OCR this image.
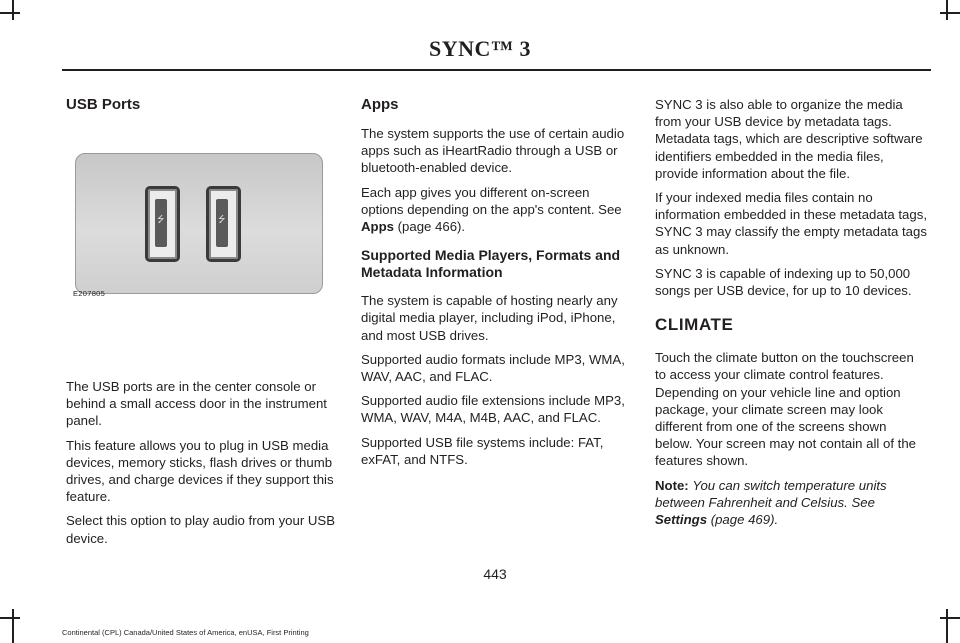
SYNC™ 3
USB Ports
⭍	⭍

The USB ports are in the center console or behind a small access door in the instrument panel.

This feature allows you to plug in USB media devices, memory sticks, flash drives or thumb drives, and charge devices if they support this feature.

Select this option to play audio from your USB device.

E207805
Apps

The system supports the use of certain audio apps such as iHeartRadio through a USB or bluetooth-enabled device.

Each app gives you different on-screen options depending on the app's content. See Apps (page 466).

Supported Media Players, Formats and Metadata Information

The system is capable of hosting nearly any digital media player, including iPod, iPhone, and most USB drives.

Supported audio formats include MP3, WMA, WAV, AAC, and FLAC.

Supported audio file extensions include MP3, WMA, WAV, M4A, M4B, AAC, and FLAC.

Supported USB file systems include: FAT, exFAT, and NTFS.

SYNC 3 is also able to organize the media from your USB device by metadata tags. Metadata tags, which are descriptive software identifiers embedded in the media files, provide information about the file.

If your indexed media files contain no information embedded in these metadata tags, SYNC 3 may classify the empty metadata tags as unknown.

SYNC 3 is capable of indexing up to 50,000 songs per USB device, for up to 10 devices.

CLIMATE

Touch the climate button on the touchscreen to access your climate control features. Depending on your vehicle line and option package, your climate screen may look different from one of the screens shown below. Your screen may not contain all of the features shown.

Note: You can switch temperature units between Fahrenheit and Celsius. See Settings (page 469).

443
Continental (CPL) Canada/United States of America, enUSA, First Printing
